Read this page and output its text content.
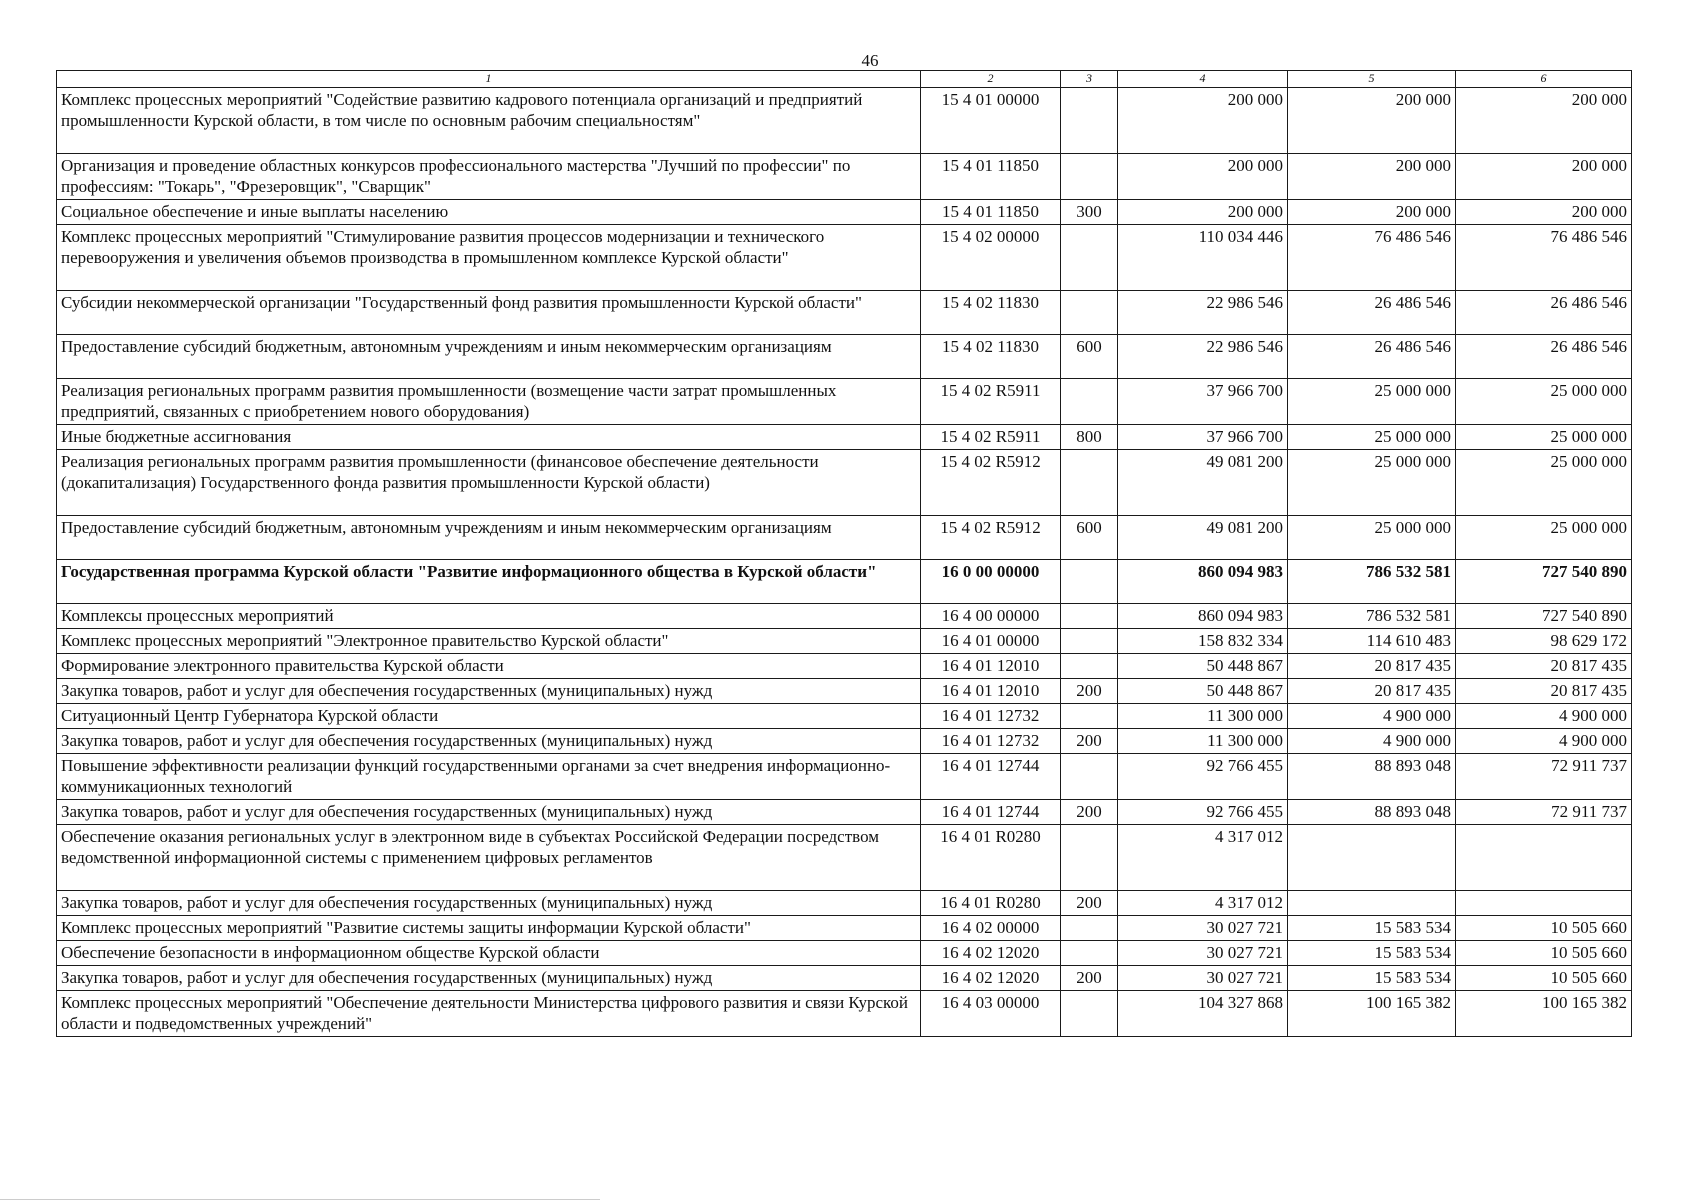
46
1	2	3	4	5	6
Комплекс процессных мероприятий "Содействие развитию кадрового потенциала организаций и предприятий промышленности Курской области, в том числе по основным рабочим специальностям"	15 4 01 00000		200 000	200 000	200 000
Организация и проведение областных конкурсов профессионального мастерства "Лучший по профессии" по профессиям: "Токарь", "Фрезеровщик", "Сварщик"	15 4 01 11850		200 000	200 000	200 000
Социальное обеспечение и иные выплаты населению	15 4 01 11850	300	200 000	200 000	200 000
Комплекс процессных мероприятий "Стимулирование развития процессов модернизации и технического перевооружения и увеличения объемов производства в промышленном комплексе Курской области"	15 4 02 00000		110 034 446	76 486 546	76 486 546
Субсидии некоммерческой организации "Государственный фонд развития промышленности Курской области"	15 4 02 11830		22 986 546	26 486 546	26 486 546
Предоставление субсидий бюджетным, автономным учреждениям и иным некоммерческим организациям	15 4 02 11830	600	22 986 546	26 486 546	26 486 546
Реализация региональных программ развития промышленности (возмещение части затрат промышленных предприятий, связанных с приобретением нового оборудования)	15 4 02 R5911		37 966 700	25 000 000	25 000 000
Иные бюджетные ассигнования	15 4 02 R5911	800	37 966 700	25 000 000	25 000 000
Реализация региональных программ развития промышленности (финансовое обеспечение деятельности (докапитализация) Государственного фонда развития промышленности Курской области)	15 4 02 R5912		49 081 200	25 000 000	25 000 000
Предоставление субсидий бюджетным, автономным учреждениям и иным некоммерческим организациям	15 4 02 R5912	600	49 081 200	25 000 000	25 000 000
Государственная программа Курской области "Развитие информационного общества в Курской области"	16 0 00 00000		860 094 983	786 532 581	727 540 890
Комплексы процессных мероприятий	16 4 00 00000		860 094 983	786 532 581	727 540 890
Комплекс процессных мероприятий "Электронное правительство Курской области"	16 4 01 00000		158 832 334	114 610 483	98 629 172
Формирование электронного правительства Курской области	16 4 01 12010		50 448 867	20 817 435	20 817 435
Закупка товаров, работ и услуг для обеспечения государственных (муниципальных) нужд	16 4 01 12010	200	50 448 867	20 817 435	20 817 435
Ситуационный Центр Губернатора Курской области	16 4 01 12732		11 300 000	4 900 000	4 900 000
Закупка товаров, работ и услуг для обеспечения государственных (муниципальных) нужд	16 4 01 12732	200	11 300 000	4 900 000	4 900 000
Повышение эффективности реализации функций государственными органами за счет внедрения информационно-коммуникационных технологий	16 4 01 12744		92 766 455	88 893 048	72 911 737
Закупка товаров, работ и услуг для обеспечения государственных (муниципальных) нужд	16 4 01 12744	200	92 766 455	88 893 048	72 911 737
Обеспечение оказания региональных услуг в электронном виде в субъектах Российской Федерации посредством ведомственной информационной системы с применением цифровых регламентов	16 4 01 R0280		4 317 012		
Закупка товаров, работ и услуг для обеспечения государственных (муниципальных) нужд	16 4 01 R0280	200	4 317 012		
Комплекс процессных мероприятий "Развитие системы защиты информации Курской области"	16 4 02 00000		30 027 721	15 583 534	10 505 660
Обеспечение безопасности в информационном обществе Курской области	16 4 02 12020		30 027 721	15 583 534	10 505 660
Закупка товаров, работ и услуг для обеспечения государственных (муниципальных) нужд	16 4 02 12020	200	30 027 721	15 583 534	10 505 660
Комплекс процессных мероприятий "Обеспечение деятельности Министерства цифрового развития и связи Курской области и подведомственных учреждений"	16 4 03 00000		104 327 868	100 165 382	100 165 382
